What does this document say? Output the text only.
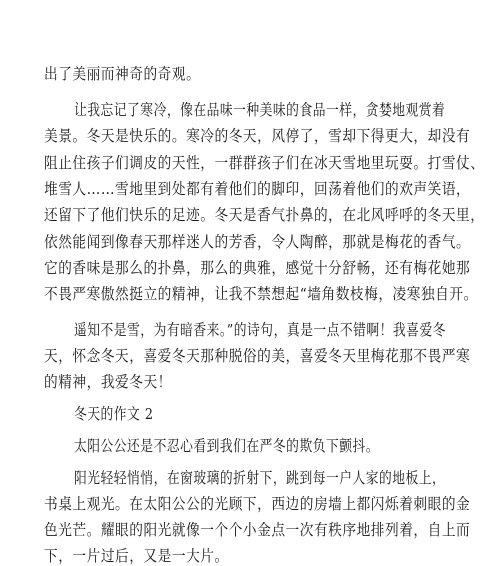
出了美丽而神奇的奇观。
让我忘记了寒冷，像在品味一种美味的食品一样，贪婪地观赏着
美景。冬天是快乐的。寒冷的冬天，风停了，雪却下得更大，却没有
阻止住孩子们调皮的天性，一群群孩子们在冰天雪地里玩耍。打雪仗、
堆雪人……雪地里到处都有着他们的脚印，回荡着他们的欢声笑语，
还留下了他们快乐的足迹。冬天是香气扑鼻的，在北风呼呼的冬天里，
依然能闻到像春天那样迷人的芳香，令人陶醉，那就是梅花的香气。
它的香味是那么的扑鼻，那么的典雅，感觉十分舒畅，还有梅花她那
不畏严寒傲然挺立的精神，让我不禁想起“墙角数枝梅，凌寒独自开。
遥知不是雪，为有暗香来。”的诗句，真是一点不错啊！我喜爱冬
天，怀念冬天，喜爱冬天那种脱俗的美，喜爱冬天里梅花那不畏严寒
的精神，我爱冬天！
冬天的作文 2
太阳公公还是不忍心看到我们在严冬的欺负下颤抖。
阳光轻轻悄悄，在窗玻璃的折射下，跳到每一户人家的地板上，
书桌上观光。在太阳公公的光顾下，西边的房墙上都闪烁着刺眼的金
色光芒。耀眼的阳光就像一个个小金点一次有秩序地排列着，自上而
下，一片过后，又是一大片。
